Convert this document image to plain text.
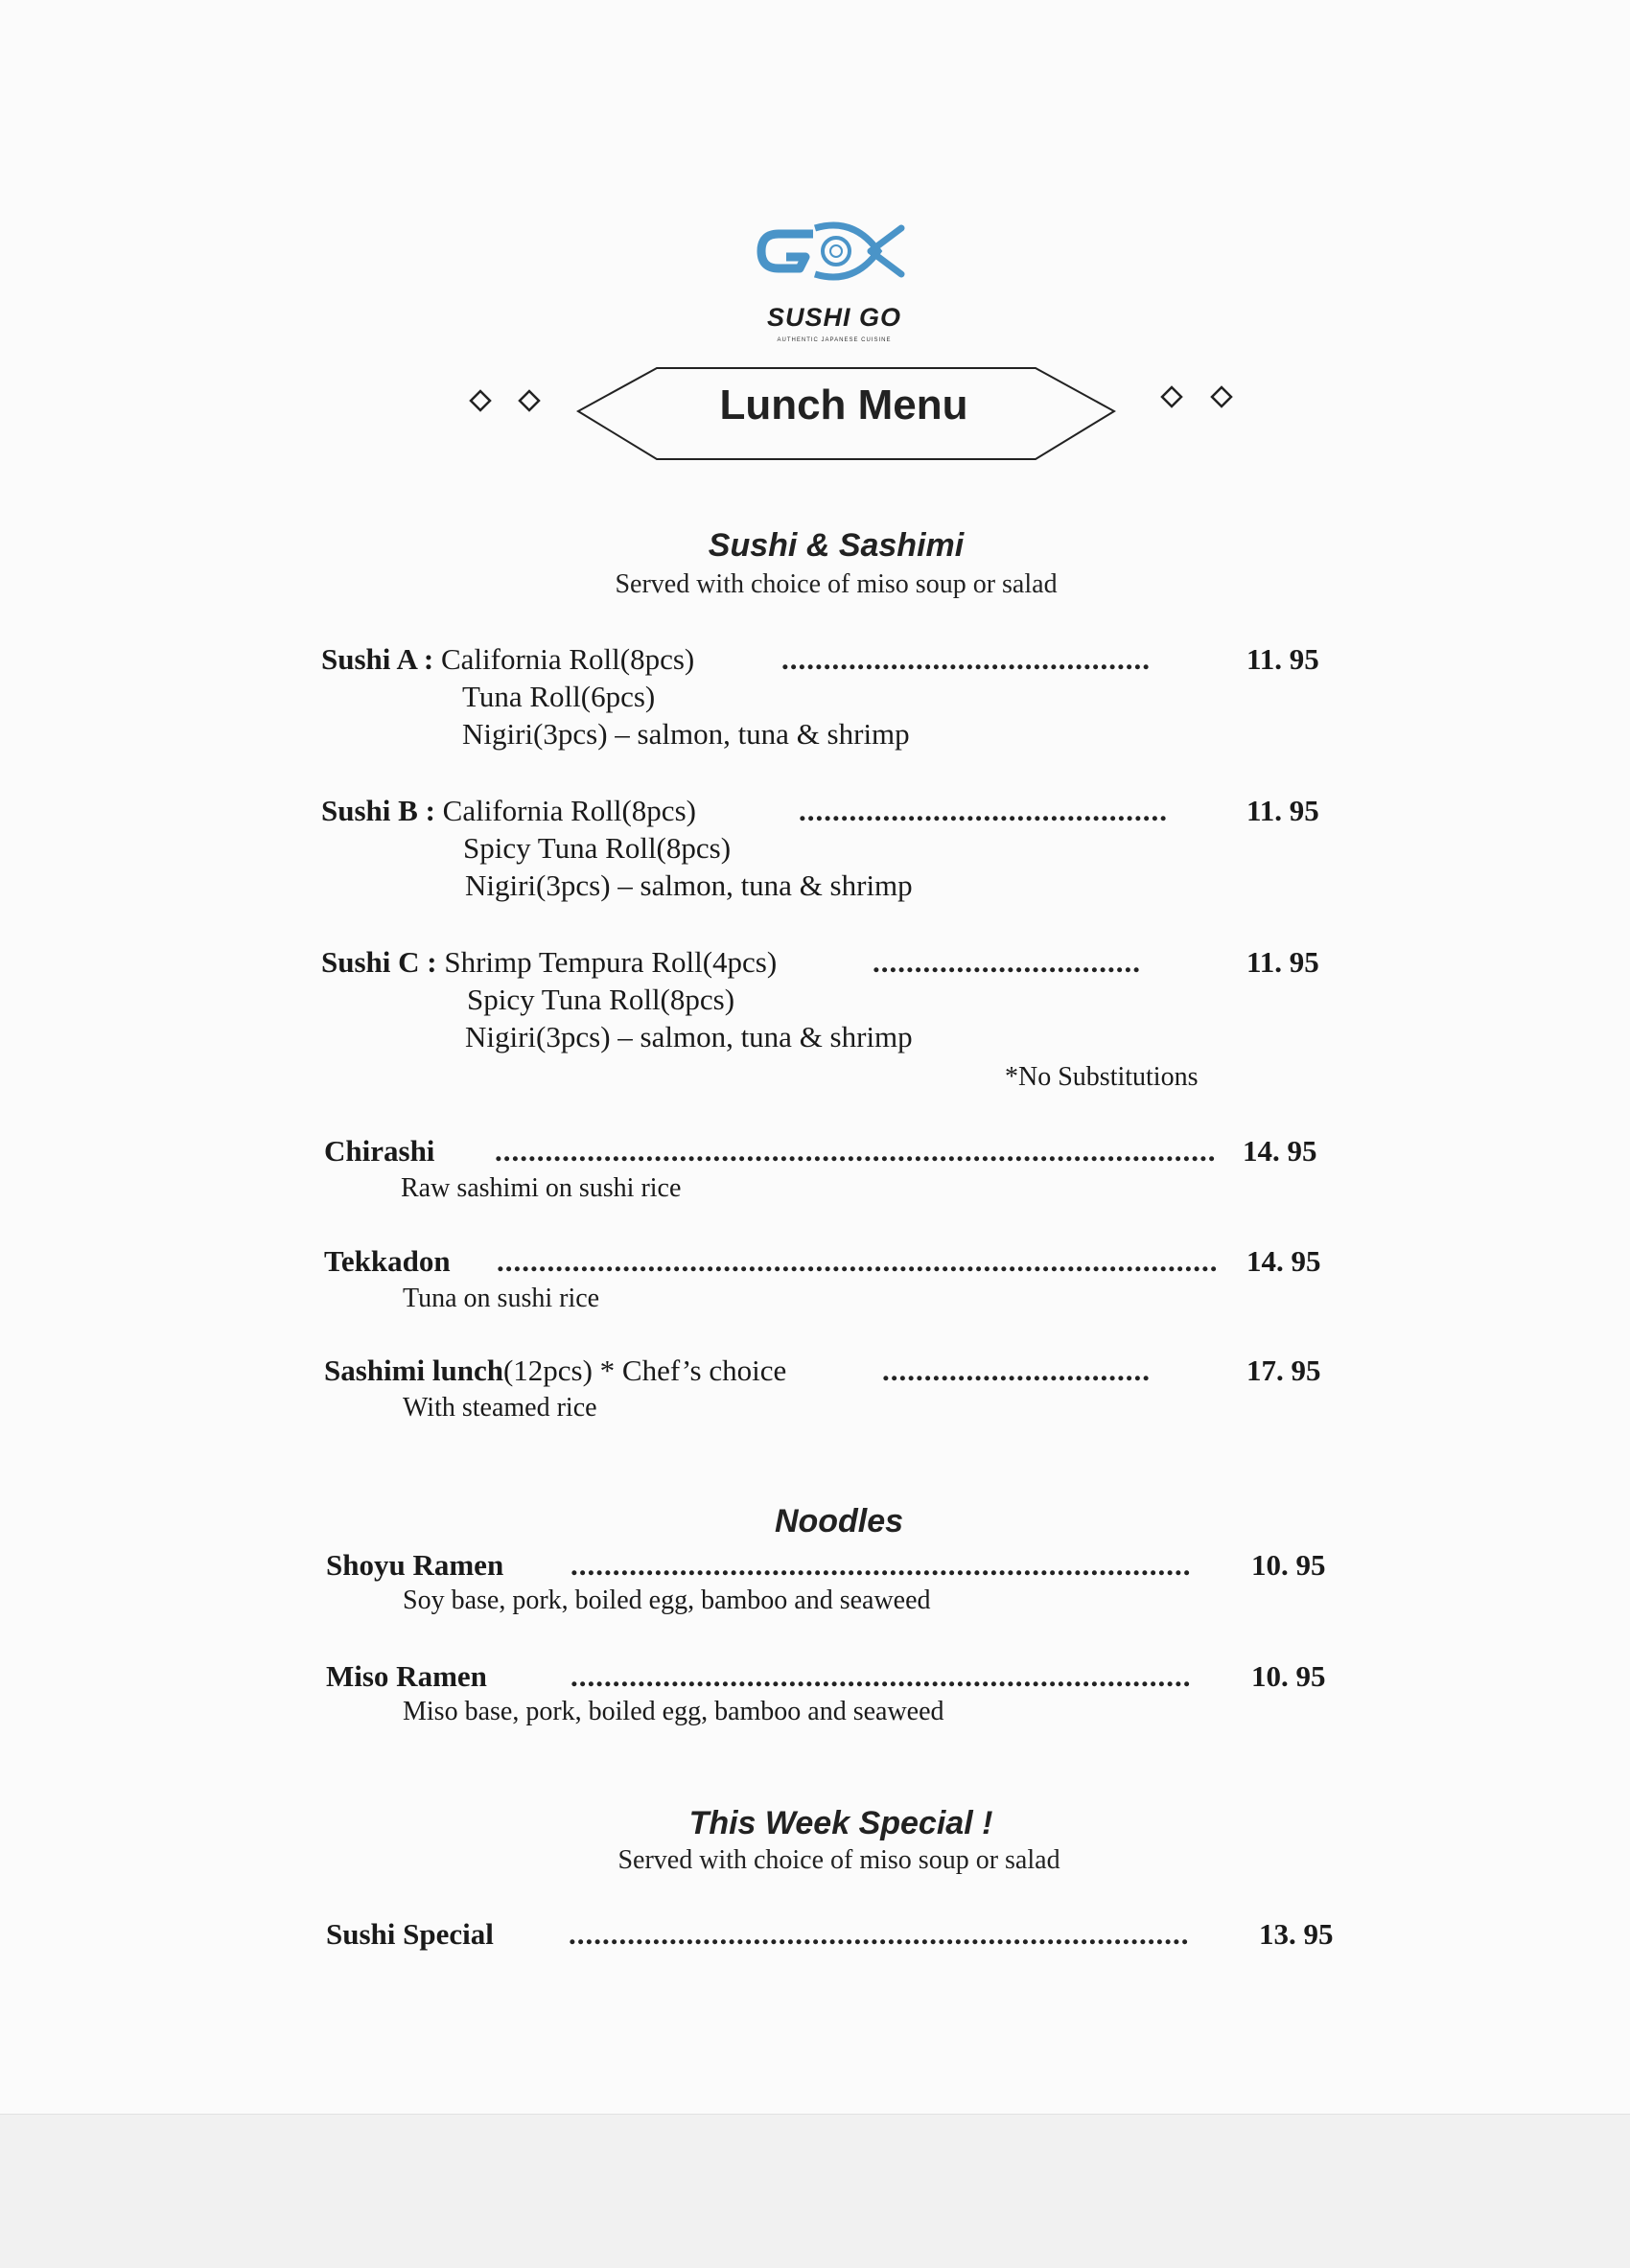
SUSHI GO
AUTHENTIC JAPANESE CUISINE
Lunch Menu
Sushi & Sashimi
Served with choice of miso soup or salad
Sushi A : California Roll(8pcs)	............................................	11. 95
Tuna Roll(6pcs)
Nigiri(3pcs) – salmon, tuna & shrimp
Sushi B : California Roll(8pcs)	............................................	11. 95
Spicy Tuna Roll(8pcs)
Nigiri(3pcs) – salmon, tuna & shrimp
Sushi C : Shrimp Tempura Roll(4pcs)	................................	11. 95
Spicy Tuna Roll(8pcs)
Nigiri(3pcs) – salmon, tuna & shrimp
*No Substitutions
Chirashi ...................................................................................... 14. 95
Raw sashimi on sushi rice
Tekkadon ...................................................................................... 14. 95
Tuna on sushi rice
Sashimi lunch(12pcs) * Chef’s choice	................................	17. 95
With steamed rice
Noodles
Shoyu Ramen .......................................................................... 10. 95
Soy base, pork, boiled egg, bamboo and seaweed
Miso Ramen	.......................................................................... 10. 95
Miso base, pork, boiled egg, bamboo and seaweed
This Week Special !
Served with choice of miso soup or salad
Sushi Special	.......................................................................... 13. 95
